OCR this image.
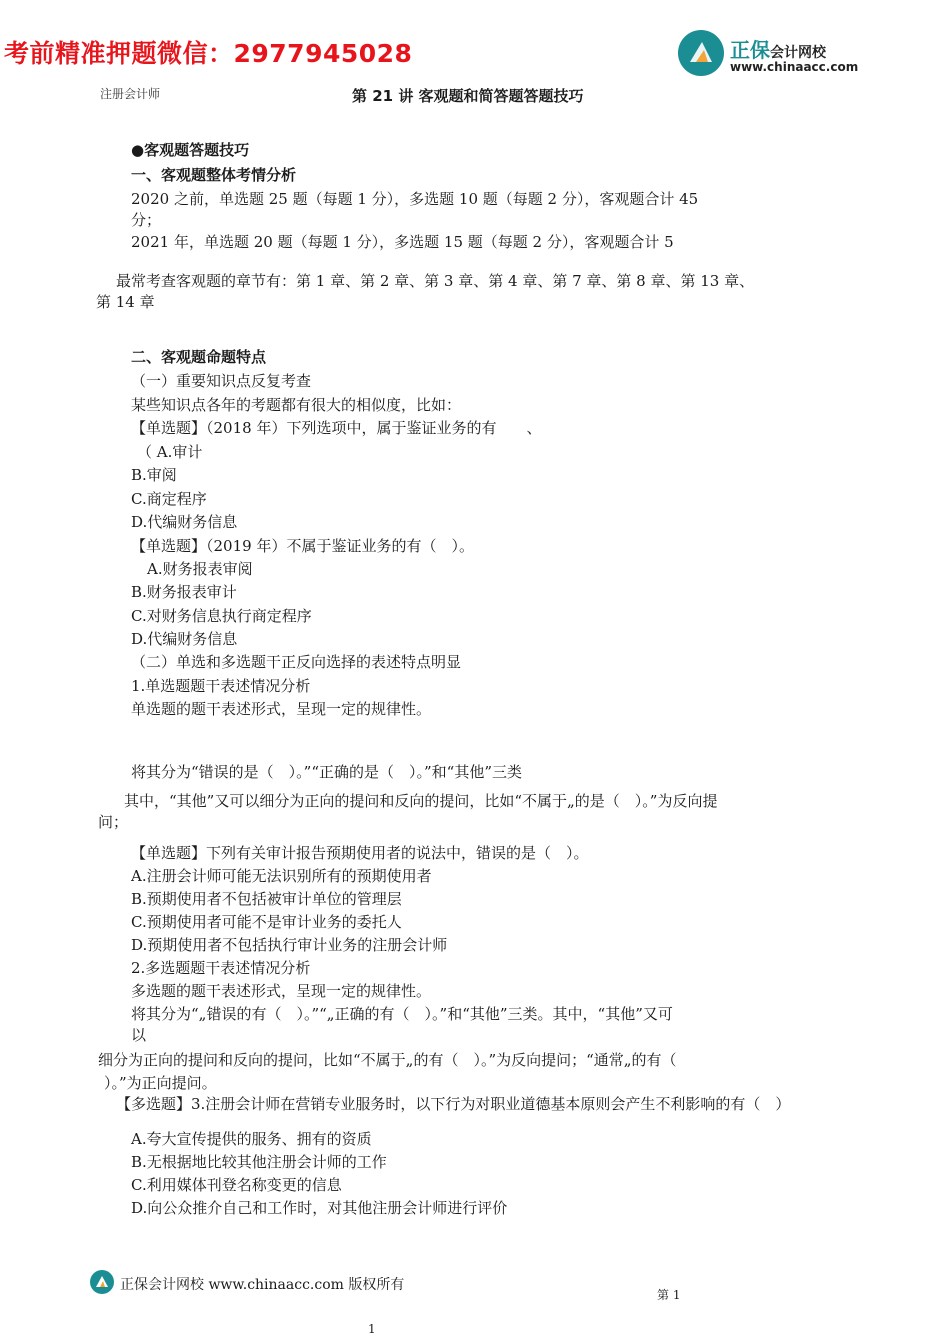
考前精准押题微信：2977945028	正保会计网校
www.chinaacc.com
第 21 讲 客观题和简答题答题技巧
注册会计师
●客观题答题技巧
一、客观题整体考情分析
2020 之前，单选题 25 题（每题 1 分），多选题 10 题（每题 2 分），客观题合计 45
分；
2021 年，单选题 20 题（每题 1 分），多选题 15 题（每题 2 分），客观题合计 5
最常考查客观题的章节有：第 1 章、第 2 章、第 3 章、第 4 章、第 7 章、第 8 章、第 13 章、
第 14 章
二、客观题命题特点
（一）重要知识点反复考查
某些知识点各年的考题都有很大的相似度，比如：
【单选题】（2018 年）下列选项中，属于鉴证业务的有　　、
（ A.审计
B.审阅
C.商定程序
D.代编财务信息
【单选题】（2019 年）不属于鉴证业务的有（　）。
A.财务报表审阅
B.财务报表审计
C.对财务信息执行商定程序
D.代编财务信息
（二）单选和多选题干正反向选择的表述特点明显
1.单选题题干表述情况分析
单选题的题干表述形式，呈现一定的规律性。
将其分为“错误的是（　）。”“正确的是（　）。”和“其他”三类
其中，“其他”又可以细分为正向的提问和反向的提问，比如“不属于„的是（　）。”为反向提
问；
【单选题】下列有关审计报告预期使用者的说法中，错误的是（　）。
A.注册会计师可能无法识别所有的预期使用者
B.预期使用者不包括被审计单位的管理层
C.预期使用者可能不是审计业务的委托人
D.预期使用者不包括执行审计业务的注册会计师
2.多选题题干表述情况分析
多选题的题干表述形式，呈现一定的规律性。
将其分为“„错误的有（　）。”“„正确的有（　）。”和“其他”三类。其中，“其他”又可
以
细分为正向的提问和反向的提问，比如“不属于„的有（　）。”为反向提问；“通常„的有（
）。”为正向提问。
【多选题】3.注册会计师在营销专业服务时，以下行为对职业道德基本原则会产生不利影响的有（　）
A.夸大宣传提供的服务、拥有的资质
B.无根据地比较其他注册会计师的工作
C.利用媒体刊登名称变更的信息
D.向公众推介自己和工作时，对其他注册会计师进行评价
正保会计网校 www.chinaacc.com 版权所有
第 1
1
